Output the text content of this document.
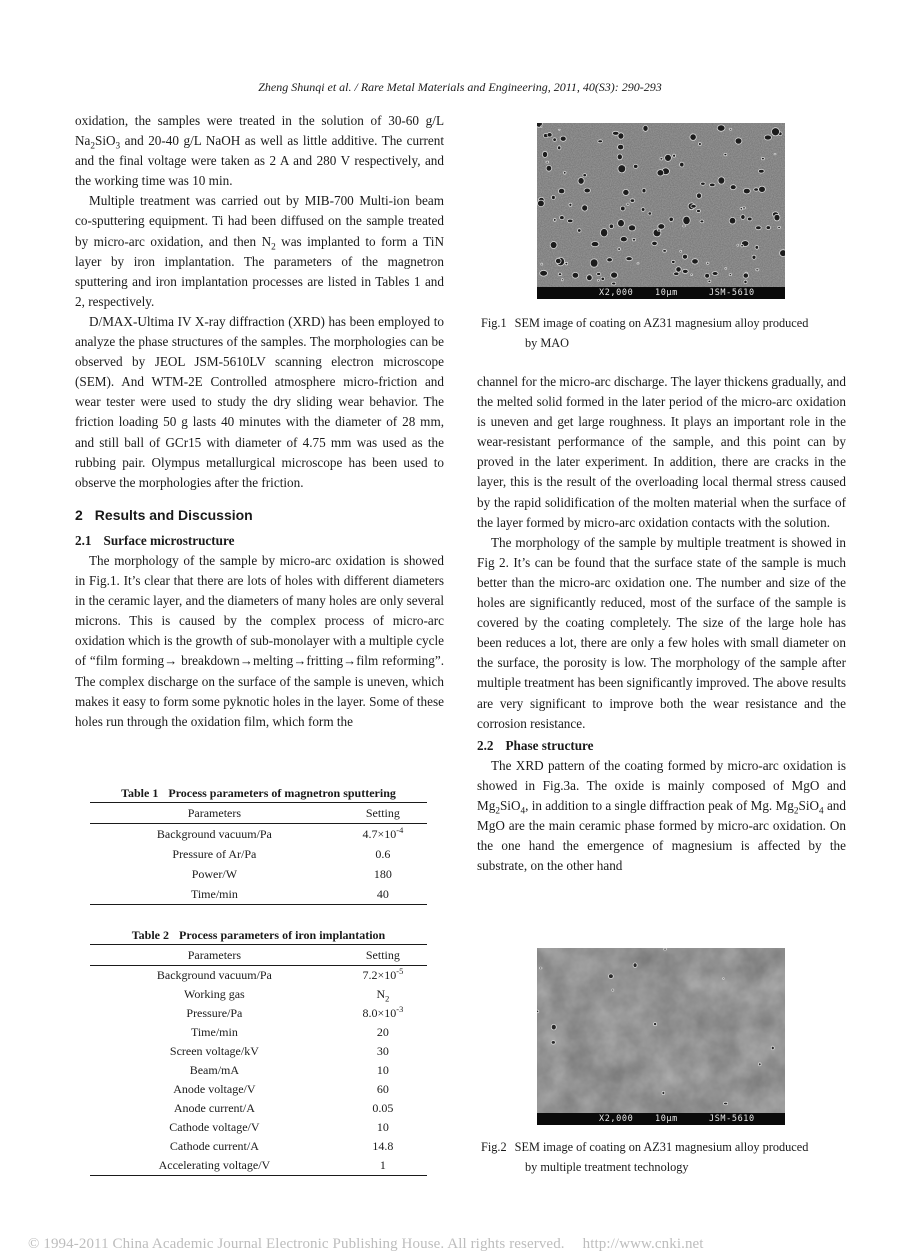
Zheng Shunqi et al. / Rare Metal Materials and Engineering, 2011, 40(S3): 290-293

oxidation, the samples were treated in the solution of 30-60 g/L $Na_2SiO_3$ and 20-40 g/L NaOH as well as little additive. The current and the final voltage were taken as 2 A and 280 V respectively, and the working time was 10 min.

Multiple treatment was carried out by MIB-700 Multi-ion beam co-sputtering equipment. Ti had been diffused on the sample treated by micro-arc oxidation, and then $N_2$ was implanted to form a TiN layer by iron implantation. The parameters of the magnetron sputtering and iron implantation processes are listed in Tables 1 and 2, respectively.

D/MAX-Ultima IV X-ray diffraction (XRD) has been employed to analyze the phase structures of the samples. The morphologies can be observed by JEOL JSM-5610LV scanning electron microscope (SEM). And WTM-2E Controlled atmosphere micro-friction and wear tester were used to study the dry sliding wear behavior. The friction loading 50 g lasts 40 minutes with the diameter of 28 mm, and still ball of GCr15 with diameter of 4.75 mm was used as the rubbing pair. Olympus metallurgical microscope has been used to observe the morphologies after the friction.

2 Results and Discussion
2.1 Surface microstructure

The morphology of the sample by micro-arc oxidation is showed in Fig.1. It’s clear that there are lots of holes with different diameters in the ceramic layer, and the diameters of many holes are only several microns. This is caused by the complex process of micro-arc oxidation which is the growth of sub-monolayer with a multiple cycle of “film forming→ breakdown→melting→fritting→film reforming”. The complex discharge on the surface of the sample is uneven, which makes it easy to form some pyknotic holes in the layer. Some of these holes run through the oxidation film, which form the

Table 1 Process parameters of magnetron sputtering
Parameters	Setting
Background vacuum/Pa	$4.7\times 10^{-4}$
Pressure of Ar/Pa	0.6
Power/W	180
Time/min	40
Table 2 Process parameters of iron implantation
Parameters	Setting
Background vacuum/Pa	$7.2\times 10^{-5}$
Working gas	$N_2$
Pressure/Pa	$8.0\times 10^{-3}$
Time/min	20
Screen voltage/kV	30
Beam/mA	10
Anode voltage/V	60
Anode current/A	0.05
Cathode voltage/V	10
Cathode current/A	14.8
Accelerating voltage/V	1
X2,000	10μm	JSM-5610
Fig.1 SEM image of coating on AZ31 magnesium alloy produced
by MAO

channel for the micro-arc discharge. The layer thickens gradually, and the melted solid formed in the later period of the micro-arc oxidation is uneven and get large roughness. It plays an important role in the wear-resistant performance of the sample, and this point can by proved in the later experiment. In addition, there are cracks in the layer, this is the result of the overloading local thermal stress caused by the rapid solidification of the molten material when the surface of the layer formed by micro-arc oxidation contacts with the solution.

The morphology of the sample by multiple treatment is showed in Fig 2. It’s can be found that the surface state of the sample is much better than the micro-arc oxidation one. The number and size of the holes are significantly reduced, most of the surface of the sample is covered by the coating completely. The size of the large hole has been reduces a lot, there are only a few holes with small diameter on the surface, the porosity is low. The morphology of the sample after multiple treatment has been significantly improved. The above results are very significant to improve both the wear resistance and the corrosion resistance.

2.2 Phase structure

The XRD pattern of the coating formed by micro-arc oxidation is showed in Fig.3a. The oxide is mainly composed of MgO and $Mg_2SiO_4$, in addition to a single diffraction peak of Mg. $Mg_2SiO_4$ and MgO are the main ceramic phase formed by micro-arc oxidation. On the one hand the emergence of magnesium is affected by the substrate, on the other hand

X2,000	10μm	JSM-5610
Fig.2 SEM image of coating on AZ31 magnesium alloy produced
by multiple treatment technology
© 1994-2011 China Academic Journal Electronic Publishing House. All rights reserved. http://www.cnki.net
